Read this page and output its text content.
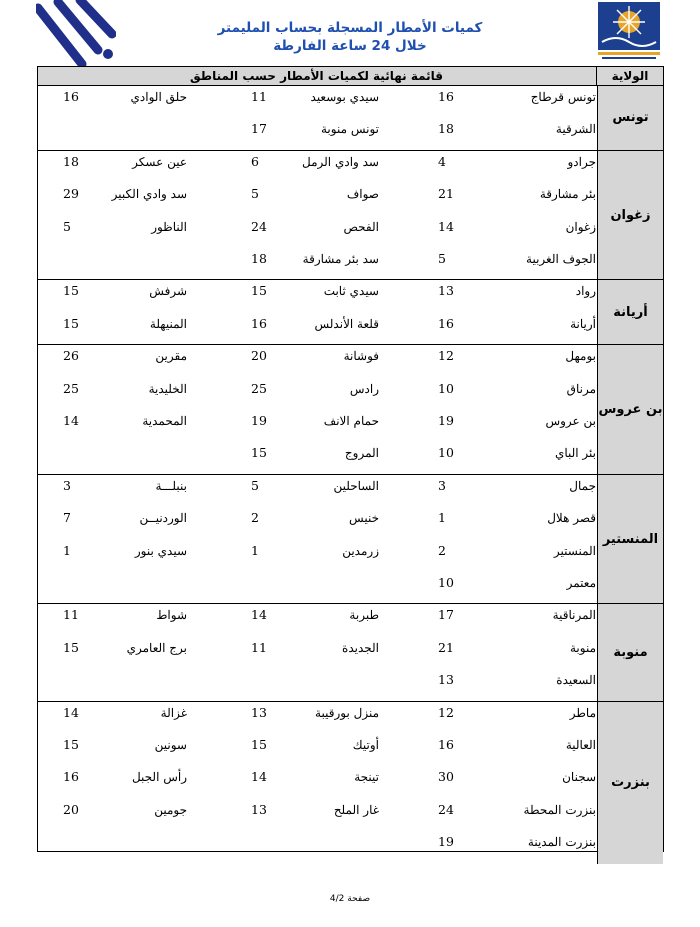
كميات الأمطار المسجلة بحساب المليمتر
خلال 24 ساعة الفارطة
قائمة نهائية لكميات الأمطار حسب المناطق	الولاية
تونس
تونس قرطاج
16
سيدي بوسعيد
11
حلق الوادي
16
الشرقية
18
تونس منوبة
17
زغوان
جرادو
4
سد وادي الرمل
6
عين عسكر
18
بئر مشارقة
21
صواف
5
سد وادي الكبير
29
زغوان
14
الفحص
24
الناظور
5
الجوف الغربية
5
سد بئر مشارقة
18
أريانة
رواد
13
سيدي ثابت
15
شرفش
15
أريانة
16
قلعة الأندلس
16
المنيهلة
15
بن عروس
بومهل
12
فوشانة
20
مقرين
26
مرناق
10
رادس
25
الخليدية
25
بن عروس
19
حمام الانف
19
المحمدية
14
بئر الباي
10
المروج
15
المنستير
جمال
3
الساحلين
5
بنبلـــة
3
قصر هلال
1
خنيس
2
الوردنيــن
7
المنستير
2
زرمدين
1
سيدي بنور
1
معتمر
10
منوبة
المرناقية
17
طبربة
14
شواط
11
منوبة
21
الجديدة
11
برج العامري
15
السعيدة
13
بنزرت
ماطر
12
منزل بورقيبة
13
غزالة
14
العالية
16
أوتيك
15
سونين
15
سجنان
30
تينجة
14
رأس الجبل
16
بنزرت المحطة
24
غار الملح
13
جومين
20
بنزرت المدينة
19
صفحة 4/2
